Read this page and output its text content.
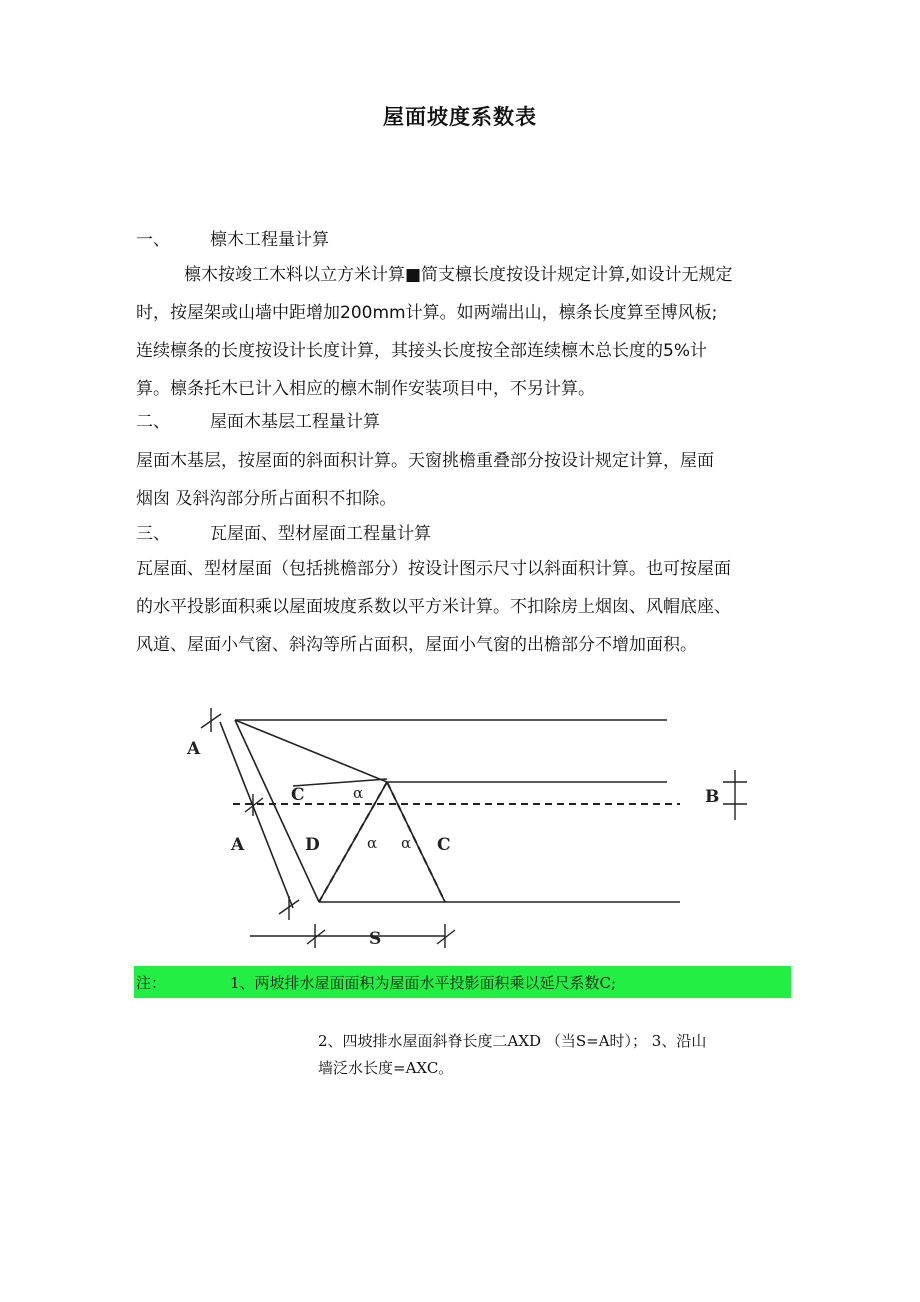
屋面坡度系数表
一、 檩木工程量计算
檩木按竣工木料以立方米计算■简支檩长度按设计规定计算,如设计无规定
时，按屋架或山墙中距增加200mm计算。如两端出山，檩条长度算至博风板;
连续檩条的长度按设计长度计算，其接头长度按全部连续檩木总长度的5%计
算。檩条托木已计入相应的檩木制作安装项目中，不另计算。
二、 屋面木基层工程量计算
屋面木基层，按屋面的斜面积计算。天窗挑檐重叠部分按设计规定计算，屋面
烟囱 及斜沟部分所占面积不扣除。
三、 瓦屋面、型材屋面工程量计算
瓦屋面、型材屋面（包括挑檐部分）按设计图示尺寸以斜面积计算。也可按屋面
的水平投影面积乘以屋面坡度系数以平方米计算。不扣除房上烟囱、风帽底座、
风道、屋面小气窗、斜沟等所占面积，屋面小气窗的出檐部分不增加面积。
A
A	D
C
C
B
S
α
α α
注：	1、两坡排水屋面面积为屋面水平投影面积乘以延尺系数C;
2、四坡排水屋面斜脊长度二AXD （当S=A时）； 3、沿山
墙泛水长度=AXC。
